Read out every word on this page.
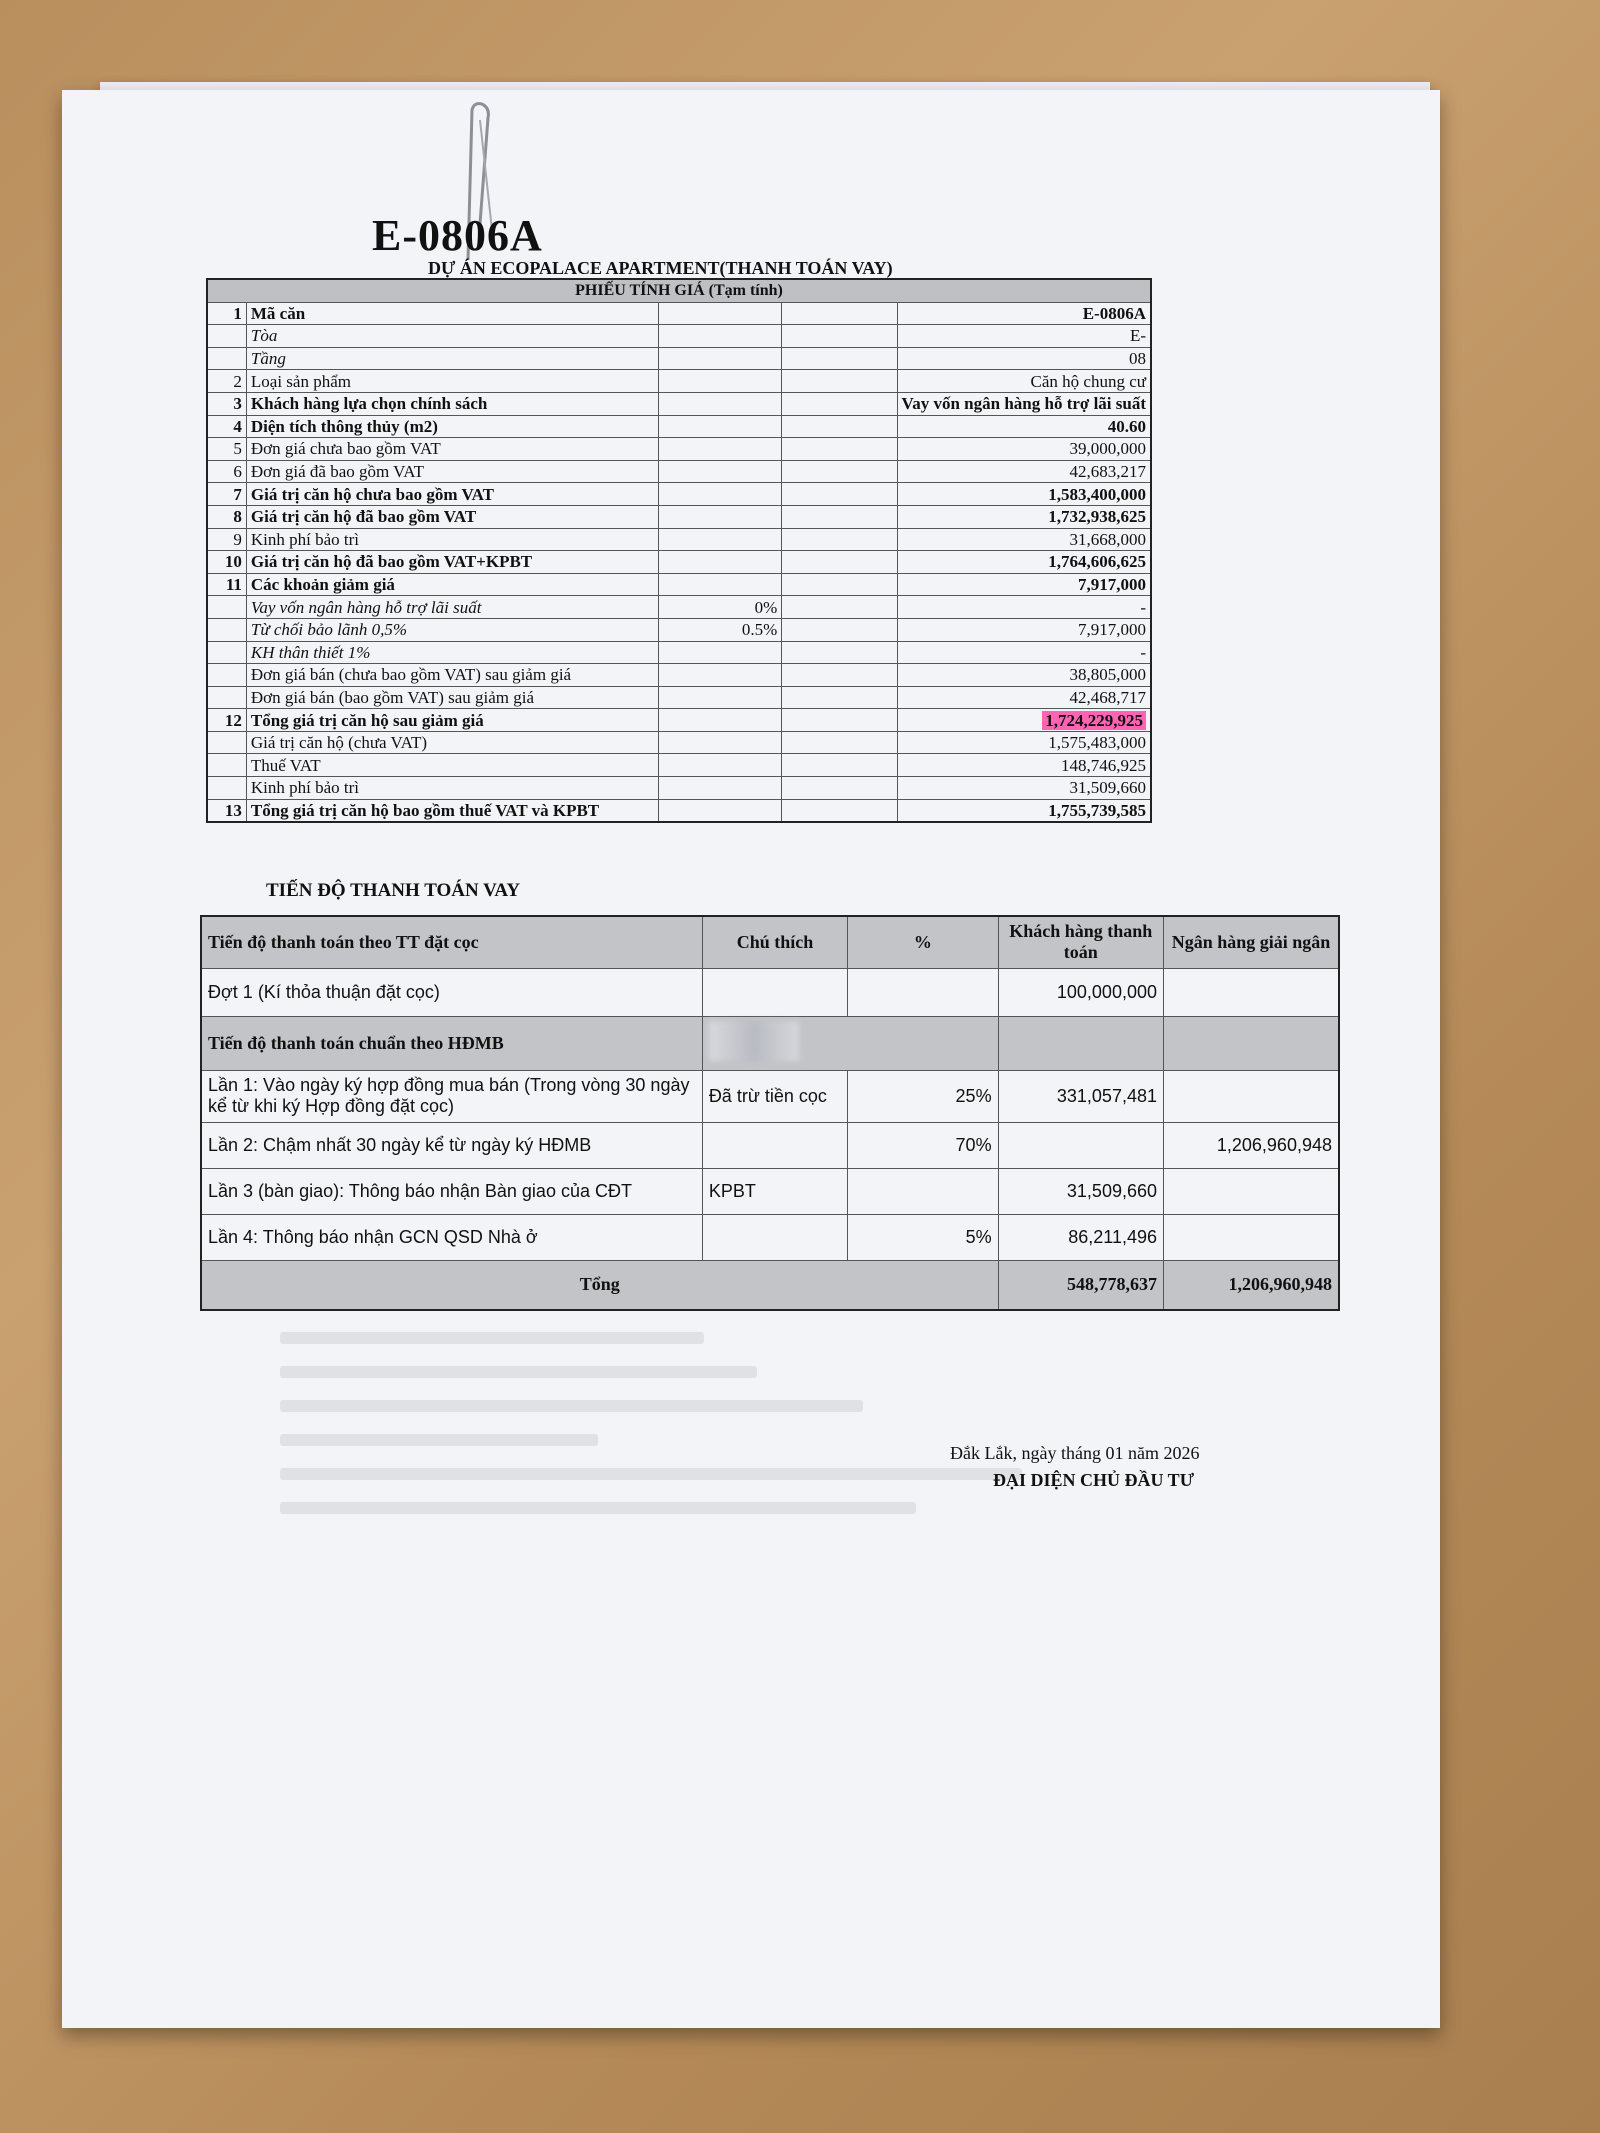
E-0806A
DỰ ÁN ECOPALACE APARTMENT(THANH TOÁN VAY)
PHIẾU TÍNH GIÁ (Tạm tính)				
1	Mã căn			E-0806A
	Tòa			E-
	Tầng			08
2	Loại sản phẩm			Căn hộ chung cư
3	Khách hàng lựa chọn chính sách			Vay vốn ngân hàng hỗ trợ lãi suất
4	Diện tích thông thủy (m2)			40.60
5	Đơn giá chưa bao gồm VAT			39,000,000
6	Đơn giá đã bao gồm VAT			42,683,217
7	Giá trị căn hộ chưa bao gồm VAT			1,583,400,000
8	Giá trị căn hộ đã bao gồm VAT			1,732,938,625
9	Kinh phí bảo trì			31,668,000
10	Giá trị căn hộ đã bao gồm VAT+KPBT			1,764,606,625
11	Các khoản giảm giá			7,917,000
	Vay vốn ngân hàng hỗ trợ lãi suất	0%		-
	Từ chối bảo lãnh 0,5%	0.5%		7,917,000
	KH thân thiết 1%			-
	Đơn giá bán (chưa bao gồm VAT) sau giảm giá			38,805,000
	Đơn giá bán (bao gồm VAT) sau giảm giá			42,468,717
12	Tổng giá trị căn hộ sau giảm giá			1,724,229,925
	Giá trị căn hộ (chưa VAT)			1,575,483,000
	Thuế VAT			148,746,925
	Kinh phí bảo trì			31,509,660
13	Tổng giá trị căn hộ bao gồm thuế VAT và KPBT			1,755,739,585
TIẾN ĐỘ THANH TOÁN VAY
Tiến độ thanh toán theo TT đặt cọc	Chú thích	%	Khách hàng thanh toán	Ngân hàng giải ngân
Đợt 1 (Kí thỏa thuận đặt cọc)			100,000,000	
Tiến độ thanh toán chuẩn theo HĐMB				
Lần 1: Vào ngày ký hợp đồng mua bán (Trong vòng 30 ngày kể từ khi ký Hợp đồng đặt cọc)	Đã trừ tiền cọc	25%	331,057,481	
Lần 2: Chậm nhất 30 ngày kể từ ngày ký HĐMB		70%		1,206,960,948
Lần 3 (bàn giao): Thông báo nhận Bàn giao của CĐT	KPBT		31,509,660	
Lần 4: Thông báo nhận GCN QSD Nhà ở		5%	86,211,496	
Tổng			548,778,637	1,206,960,948
Đắk Lắk, ngày tháng 01 năm 2026
ĐẠI DIỆN CHỦ ĐẦU TƯ
